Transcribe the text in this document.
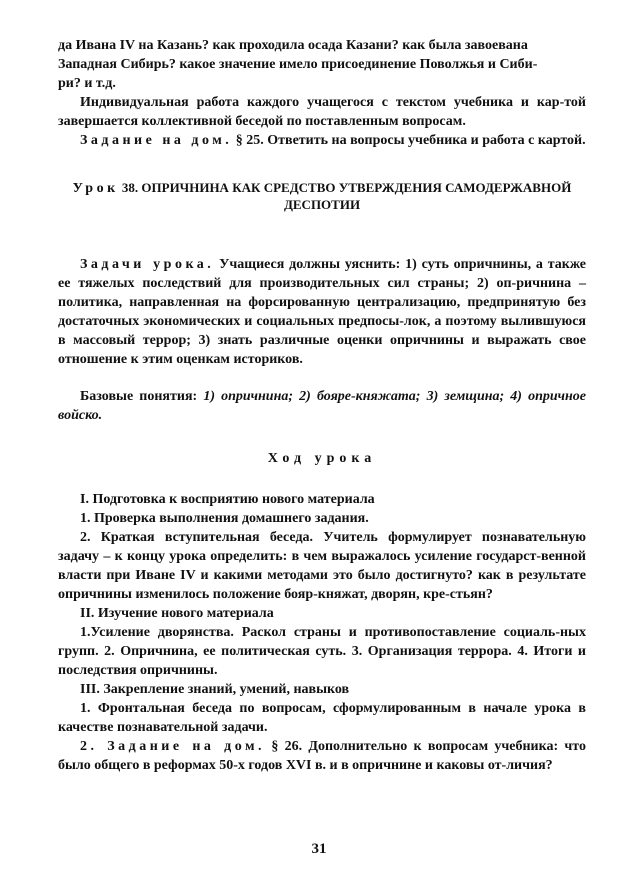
да Ивана IV на Казань? как проходила осада Казани? как была завоевана
Западная Сибирь? какое значение имело присоединение Поволжья и Сиби-
ри? и т.д.

Индивидуальная работа каждого учащегося с текстом учебника и кар-той завершается коллективной беседой по поставленным вопросам.

Задание на дом. § 25. Ответить на вопросы учебника и работа с картой.

Урок 38. ОПРИЧНИНА КАК СРЕДСТВО УТВЕРЖДЕНИЯ САМОДЕРЖАВНОЙ ДЕСПОТИИ

Задачи урока. Учащиеся должны уяснить: 1) суть опричнины, а также ее тяжелых последствий для производительных сил страны; 2) оп-ричнина – политика, направленная на форсированную централизацию, предпринятую без достаточных экономических и социальных предпосы-лок, а поэтому вылившуюся в массовый террор; 3) знать различные оценки опричнины и выражать свое отношение к этим оценкам историков.

Базовые понятия: 1) опричнина; 2) бояре-княжата; 3) земщина; 4) опричное войско.

Ход урока

I. Подготовка к восприятию нового материала

1. Проверка выполнения домашнего задания.

2. Краткая вступительная беседа. Учитель формулирует познавательную задачу – к концу урока определить: в чем выражалось усиление государст-венной власти при Иване IV и какими методами это было достигнуто? как в результате опричнины изменилось положение бояр-княжат, дворян, кре-стьян?

II. Изучение нового материала

1.Усиление дворянства. Раскол страны и противопоставление социаль-ных групп. 2. Опричнина, ее политическая суть. 3. Организация террора. 4. Итоги и последствия опричнины.

III. Закрепление знаний, умений, навыков

1. Фронтальная беседа по вопросам, сформулированным в начале урока в качестве познавательной задачи.

2. Задание на дом. § 26. Дополнительно к вопросам учебника: что было общего в реформах 50-х годов XVI в. и в опричнине и каковы от-личия?

31
